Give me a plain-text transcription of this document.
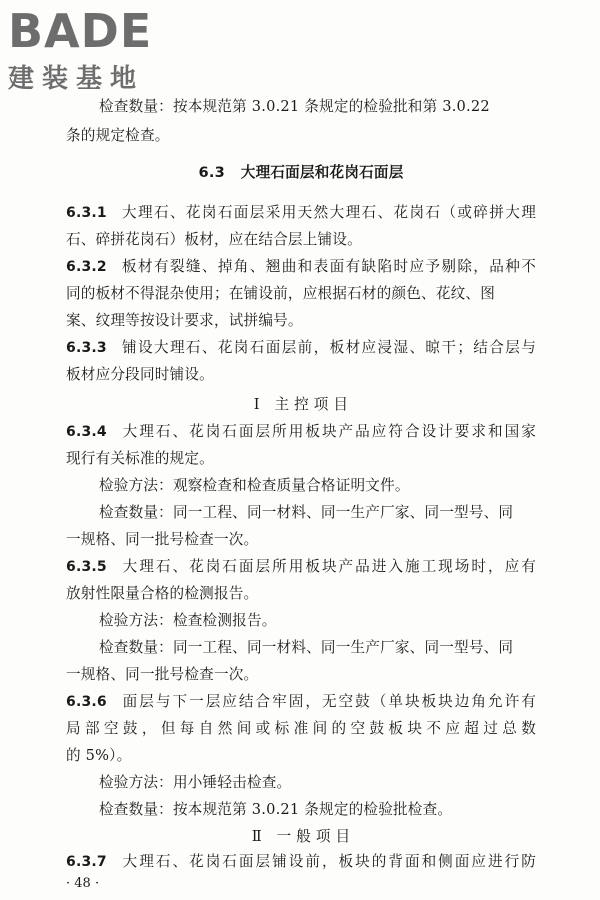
BADE
建装基地
检查数量：按本规范第 3.0.21 条规定的检验批和第 3.0.22
条的规定检查。
6.3 大理石面层和花岗石面层
6.3.1 大理石、花岗石面层采用天然大理石、花岗石（或碎拼大理
石、碎拼花岗石）板材，应在结合层上铺设。
6.3.2 板材有裂缝、掉角、翘曲和表面有缺陷时应予剔除，品种不
同的板材不得混杂使用；在铺设前，应根据石材的颜色、花纹、图
案、纹理等按设计要求，试拼编号。
6.3.3 铺设大理石、花岗石面层前，板材应浸湿、晾干；结合层与
板材应分段同时铺设。
Ⅰ　主 控 项 目
6.3.4 大理石、花岗石面层所用板块产品应符合设计要求和国家
现行有关标准的规定。
检验方法：观察检查和检查质量合格证明文件。
检查数量：同一工程、同一材料、同一生产厂家、同一型号、同
一规格、同一批号检查一次。
6.3.5 大理石、花岗石面层所用板块产品进入施工现场时，应有
放射性限量合格的检测报告。
检验方法：检查检测报告。
检查数量：同一工程、同一材料、同一生产厂家、同一型号、同
一规格、同一批号检查一次。
6.3.6 面层与下一层应结合牢固，无空鼓（单块板块边角允许有
局部空鼓，但每自然间或标准间的空鼓板块不应超过总数
的 5%）。
检验方法：用小锤轻击检查。
检查数量：按本规范第 3.0.21 条规定的检验批检查。
Ⅱ　一 般 项 目
6.3.7 大理石、花岗石面层铺设前，板块的背面和侧面应进行防
· 48 ·
